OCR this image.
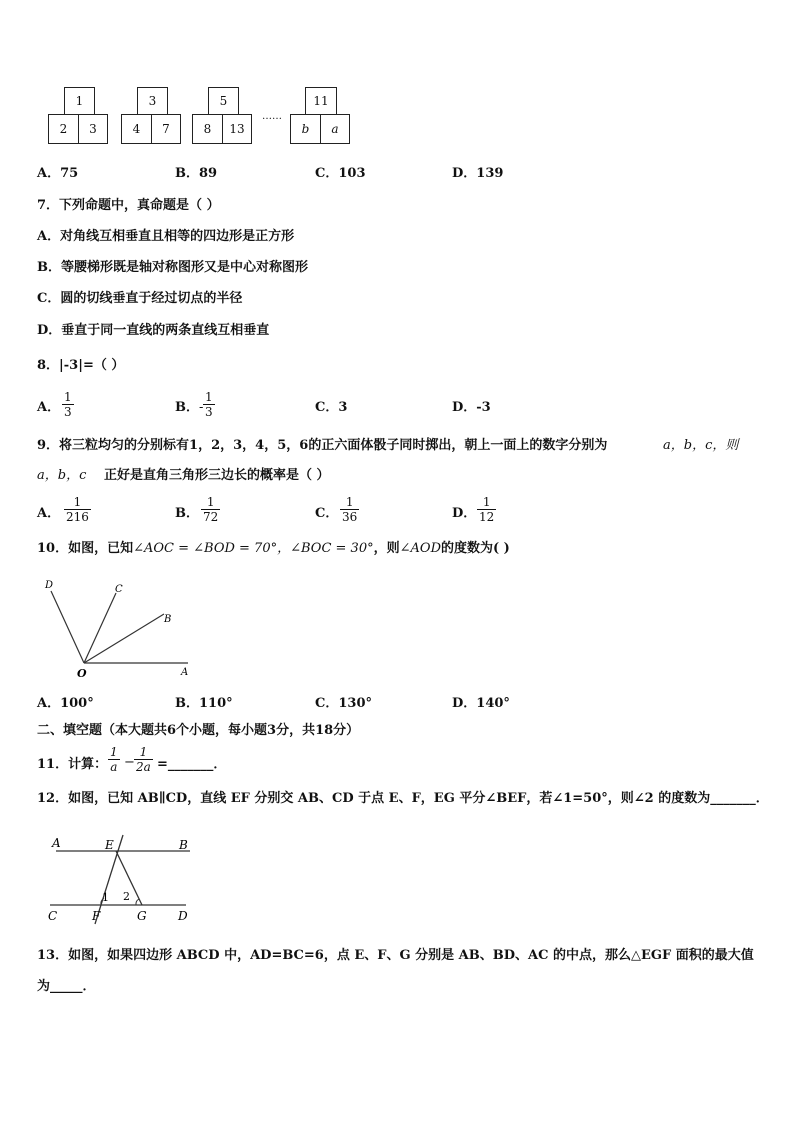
1
2	3
3
4	7
5
8	13
……
11
b	a
A．75	B．89	C．103	D．139
7．下列命题中，真命题是（ ）
A．对角线互相垂直且相等的四边形是正方形
B．等腰梯形既是轴对称图形又是中心对称图形
C．圆的切线垂直于经过切点的半径
D．垂直于同一直线的两条直线互相垂直
8．|-3|=（ ）
A． $\frac{1}{3}$	B． - $\frac{1}{3}$	C．3	D．-3
9．将三粒均匀的分别标有1，2，3，4，5，6的正六面体骰子同时掷出，朝上一面上的数字分别为	a，b，c，则
a，b，c 正好是直角三角形三边长的概率是（ ）
A． $\frac{1}{216}$	B． $\frac{1}{72}$	C． $\frac{1}{36}$	D． $\frac{1}{12}$
10．如图，已知∠AOC = ∠BOD = 70°，∠BOC = 30°，则∠AOD的度数为( )
D	C
B
O	A
A．100°	B．110°	C．130°	D．140°
二、填空题（本大题共6个小题，每小题3分，共18分）
11．计算： $\frac{1}{a} - \frac{1}{2a}$ =_______．
12．如图，已知 AB∥CD，直线 EF 分别交 AB、CD 于点 E、F，EG 平分∠BEF，若∠1=50°，则∠2 的度数为_______．
A	E	B
C	F	G	D
1 2
13．如图，如果四边形 ABCD 中，AD=BC=6，点 E、F、G 分别是 AB、BD、AC 的中点，那么△EGF 面积的最大值
为_____．
